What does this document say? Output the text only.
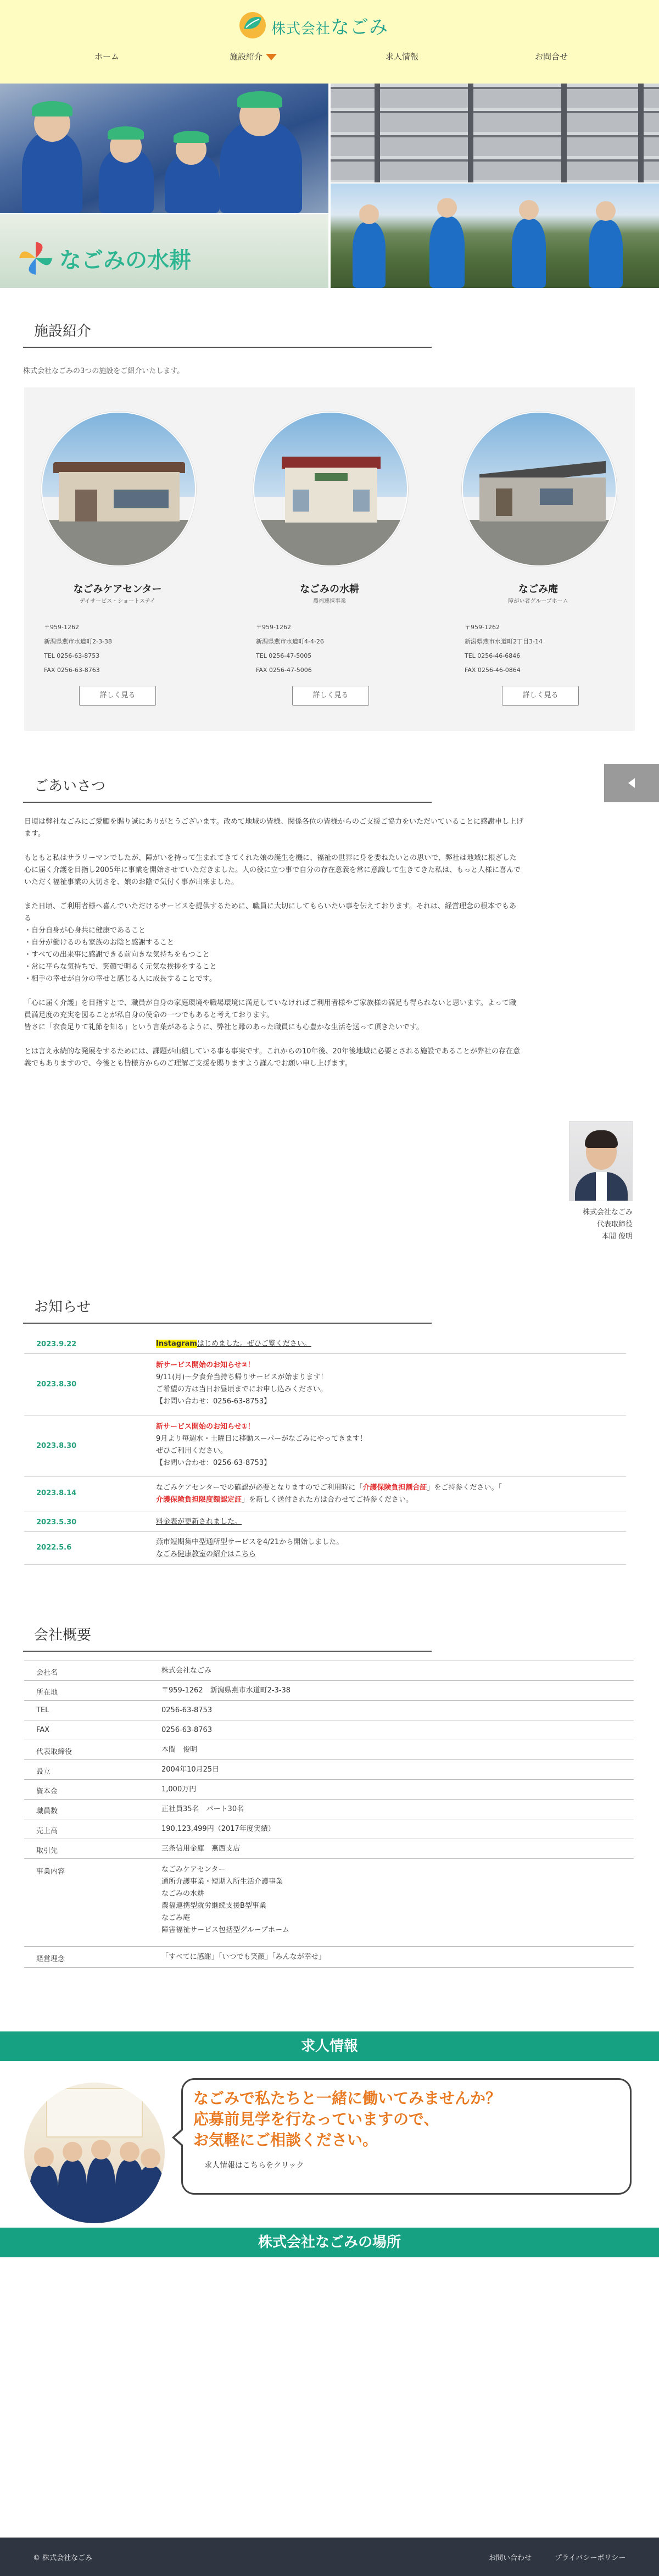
株式会社なごみ
ホーム	施設紹介	求人情報	お問合せ
なごみの水耕
施設紹介
株式会社なごみの3つの施設をご紹介いたします。
なごみケアセンター
デイサービス・ショートステイ
〒959-1262
新潟県燕市水道町2-3-38
TEL 0256-63-8753
FAX 0256-63-8763
詳しく見る
なごみの水耕
農福連携事業
〒959-1262
新潟県燕市水道町4-4-26
TEL 0256-47-5005
FAX 0256-47-5006
詳しく見る
なごみ庵
障がい者グループホーム
〒959-1262
新潟県燕市水道町2丁目3-14
TEL 0256-46-6846
FAX 0256-46-0864
詳しく見る
ごあいさつ

日頃は弊社なごみにご愛顧を賜り誠にありがとうございます。改めて地域の皆様、関係各位の皆様からのご支援ご協力をいただいていることに感謝申し上げ

ます。

もともと私はサラリーマンでしたが、障がいを持って生まれてきてくれた娘の誕生を機に、福祉の世界に身を委ねたいとの思いで、弊社は地域に根ざした

心に届く介護を目指し2005年に事業を開始させていただきました。人の役に立つ事で自分の存在意義を常に意識して生きてきた私は、もっと人様に喜んで

いただく福祉事業の大切さを、娘のお陰で気付く事が出来ました。

また日頃、ご利用者様へ喜んでいただけるサービスを提供するために、職員に大切にしてもらいたい事を伝えております。それは、経営理念の根本でもあ

る

・自分自身が心身共に健康であること

・自分が働けるのも家族のお陰と感謝すること

・すべての出来事に感謝できる前向きな気持ちをもつこと

・常に平らな気持ちで、笑顔で明るく元気な挨拶をすること

・相手の幸せが自分の幸せと感じる人に成長することです。

「心に届く介護」を目指すとで、職員が自身の家庭環境や職場環境に満足していなければご利用者様やご家族様の満足も得られないと思います。よって職

員満足度の充実を図ることが私自身の使命の一つでもあると考えております。

皆さに「衣食足りて礼節を知る」という言葉があるように、弊社と縁のあった職員にも心豊かな生活を送って頂きたいです。

とは言え永続的な発展をするためには、課題が山積している事も事実です。これからの10年後、20年後地域に必要とされる施設であることが弊社の存在意

義でもありますので、今後とも皆様方からのご理解ご支援を賜りますよう謹んでお願い申し上げます。

株式会社なごみ
代表取締役
本間 俊明
お知らせ
2023.9.22	Instagramはじめました。ぜひご覧ください。
2023.8.30
新サービス開始のお知らせ②！
9/11(月)〜夕食弁当持ち帰りサービスが始まります！
ご希望の方は当日お昼頃までにお申し込みください。
【お問い合わせ：0256-63-8753】
2023.8.30
新サービス開始のお知らせ①！
9月より毎週水・土曜日に移動スーパーがなごみにやってきます！
ぜひご利用ください。
【お問い合わせ：0256-63-8753】
2023.8.14
なごみケアセンターでの確認が必要となりますのでご利用時に「介護保険負担割合証」をご持参ください。「
介護保険負担限度額認定証」を新しく送付された方は合わせてご持参ください。
2023.5.30	料金表が更新されました。
2022.5.6
燕市短期集中型通所型サービスを4/21から開始しました。
なごみ健康教室の紹介はこちら
会社概要
会社名	株式会社なごみ
所在地	〒959-1262　新潟県燕市水道町2-3-38
TEL	0256-63-8753
FAX	0256-63-8763
代表取締役	本間　俊明
設立	2004年10月25日
資本金	1,000万円
職員数	正社員35名　パート30名
売上高	190,123,499円（2017年度実績）
取引先	三条信用金庫　燕西支店
事業内容	なごみケアセンター
通所介護事業・短期入所生活介護事業
なごみの水耕
農福連携型就労継続支援B型事業
なごみ庵
障害福祉サービス包括型グループホーム
経営理念	「すべてに感謝」「いつでも笑顔」「みんなが幸せ」
求人情報
なごみで私たちと一緒に働いてみませんか？
応募前見学を行なっていますので、
お気軽にご相談ください。
求人情報はこちらをクリック
株式会社なごみの場所
© 株式会社なごみ	お問い合わせ	プライバシーポリシー
